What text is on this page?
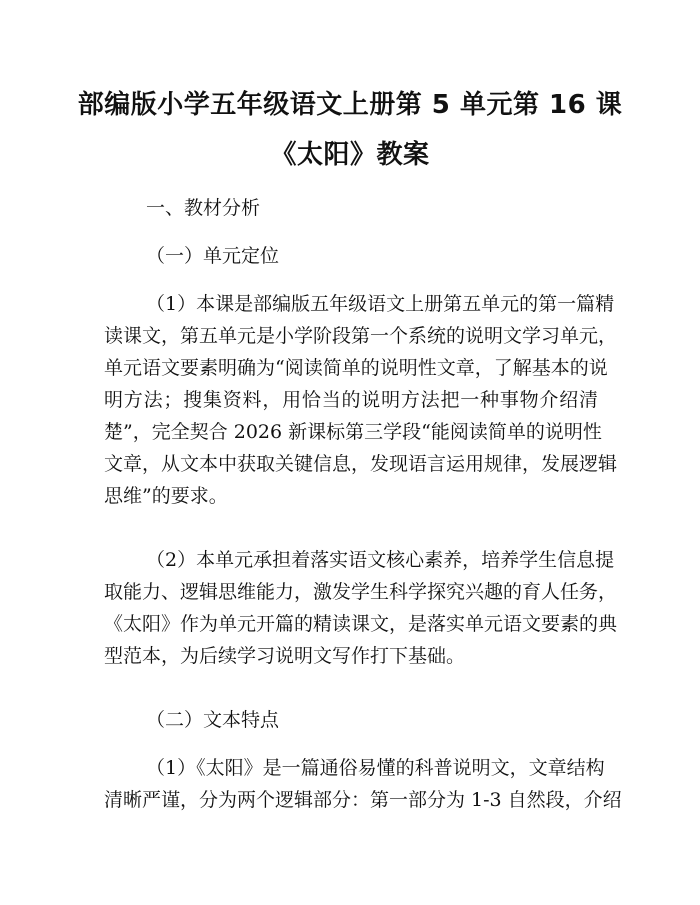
部编版小学五年级语文上册第 5 单元第 16 课
《太阳》教案
一、教材分析
（一）单元定位
（1）本课是部编版五年级语文上册第五单元的第一篇精
读课文，第五单元是小学阶段第一个系统的说明文学习单元，
单元语文要素明确为“阅读简单的说明性文章，了解基本的说
明方法；搜集资料，用恰当的说明方法把一种事物介绍清
楚”，完全契合 2026 新课标第三学段“能阅读简单的说明性
文章，从文本中获取关键信息，发现语言运用规律，发展逻辑
思维”的要求。
（2）本单元承担着落实语文核心素养，培养学生信息提
取能力、逻辑思维能力，激发学生科学探究兴趣的育人任务，
《太阳》作为单元开篇的精读课文，是落实单元语文要素的典
型范本，为后续学习说明文写作打下基础。
（二）文本特点
（1）《太阳》是一篇通俗易懂的科普说明文，文章结构
清晰严谨，分为两个逻辑部分：第一部分为 1-3 自然段，介绍
